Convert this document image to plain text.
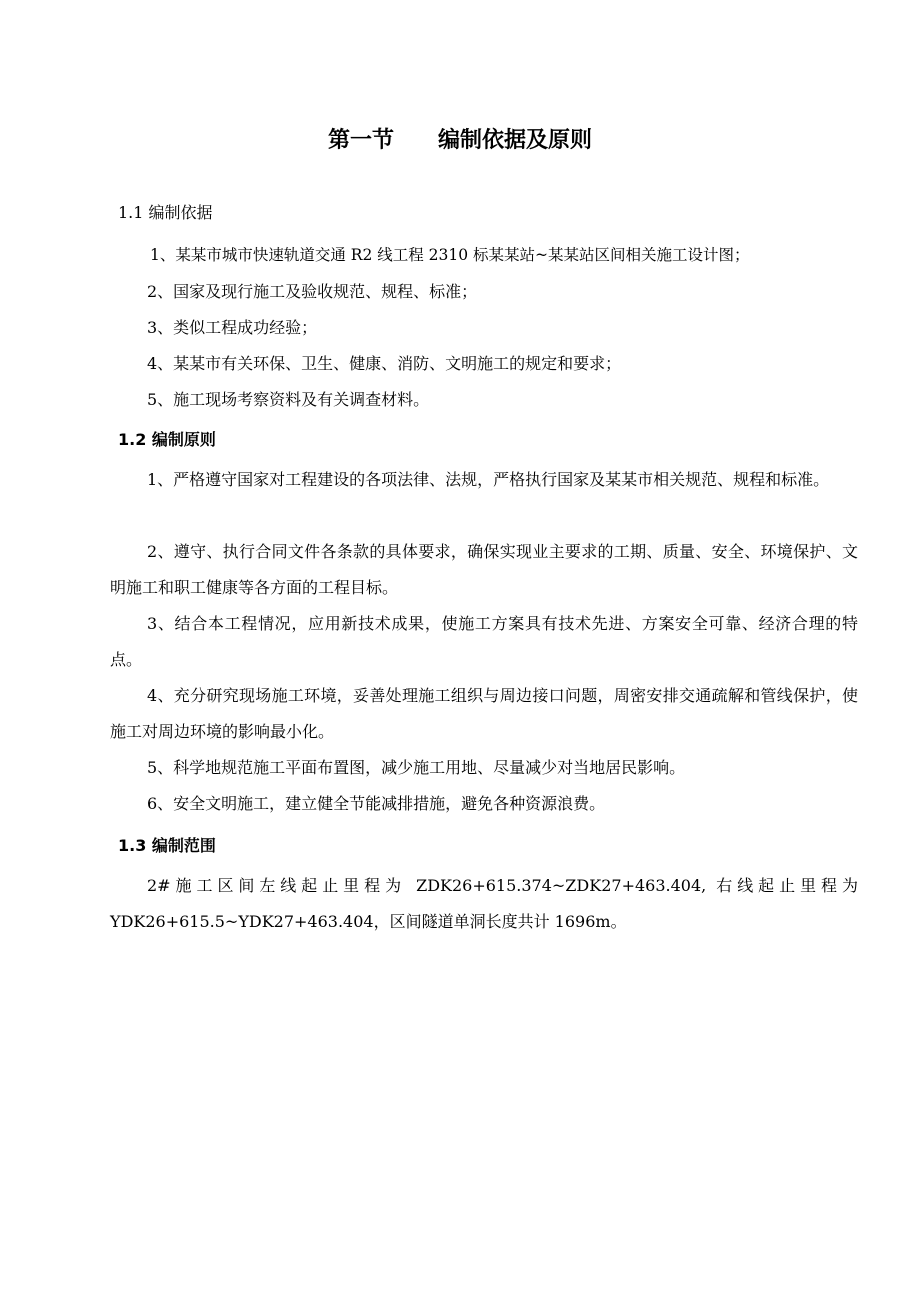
第一节　　编制依据及原则
1.1 编制依据
1、某某市城市快速轨道交通 R2 线工程 2310 标某某站~某某站区间相关施工设计图；
2、国家及现行施工及验收规范、规程、标准；
3、类似工程成功经验；
4、某某市有关环保、卫生、健康、消防、文明施工的规定和要求；
5、施工现场考察资料及有关调查材料。
1.2 编制原则
1、严格遵守国家对工程建设的各项法律、法规，严格执行国家及某某市相关规范、规程和标准。
2、遵守、执行合同文件各条款的具体要求，确保实现业主要求的工期、质量、安全、环境保护、文明施工和职工健康等各方面的工程目标。
3、结合本工程情况，应用新技术成果，使施工方案具有技术先进、方案安全可靠、经济合理的特点。
4、充分研究现场施工环境，妥善处理施工组织与周边接口问题，周密安排交通疏解和管线保护，使施工对周边环境的影响最小化。
5、科学地规范施工平面布置图，减少施工用地、尽量减少对当地居民影响。
6、安全文明施工，建立健全节能减排措施，避免各种资源浪费。
1.3 编制范围
2#施工区间左线起止里程为 ZDK26+615.374~ZDK27+463.404, 右线起止里程为
YDK26+615.5~YDK27+463.404，区间隧道单洞长度共计 1696m。
